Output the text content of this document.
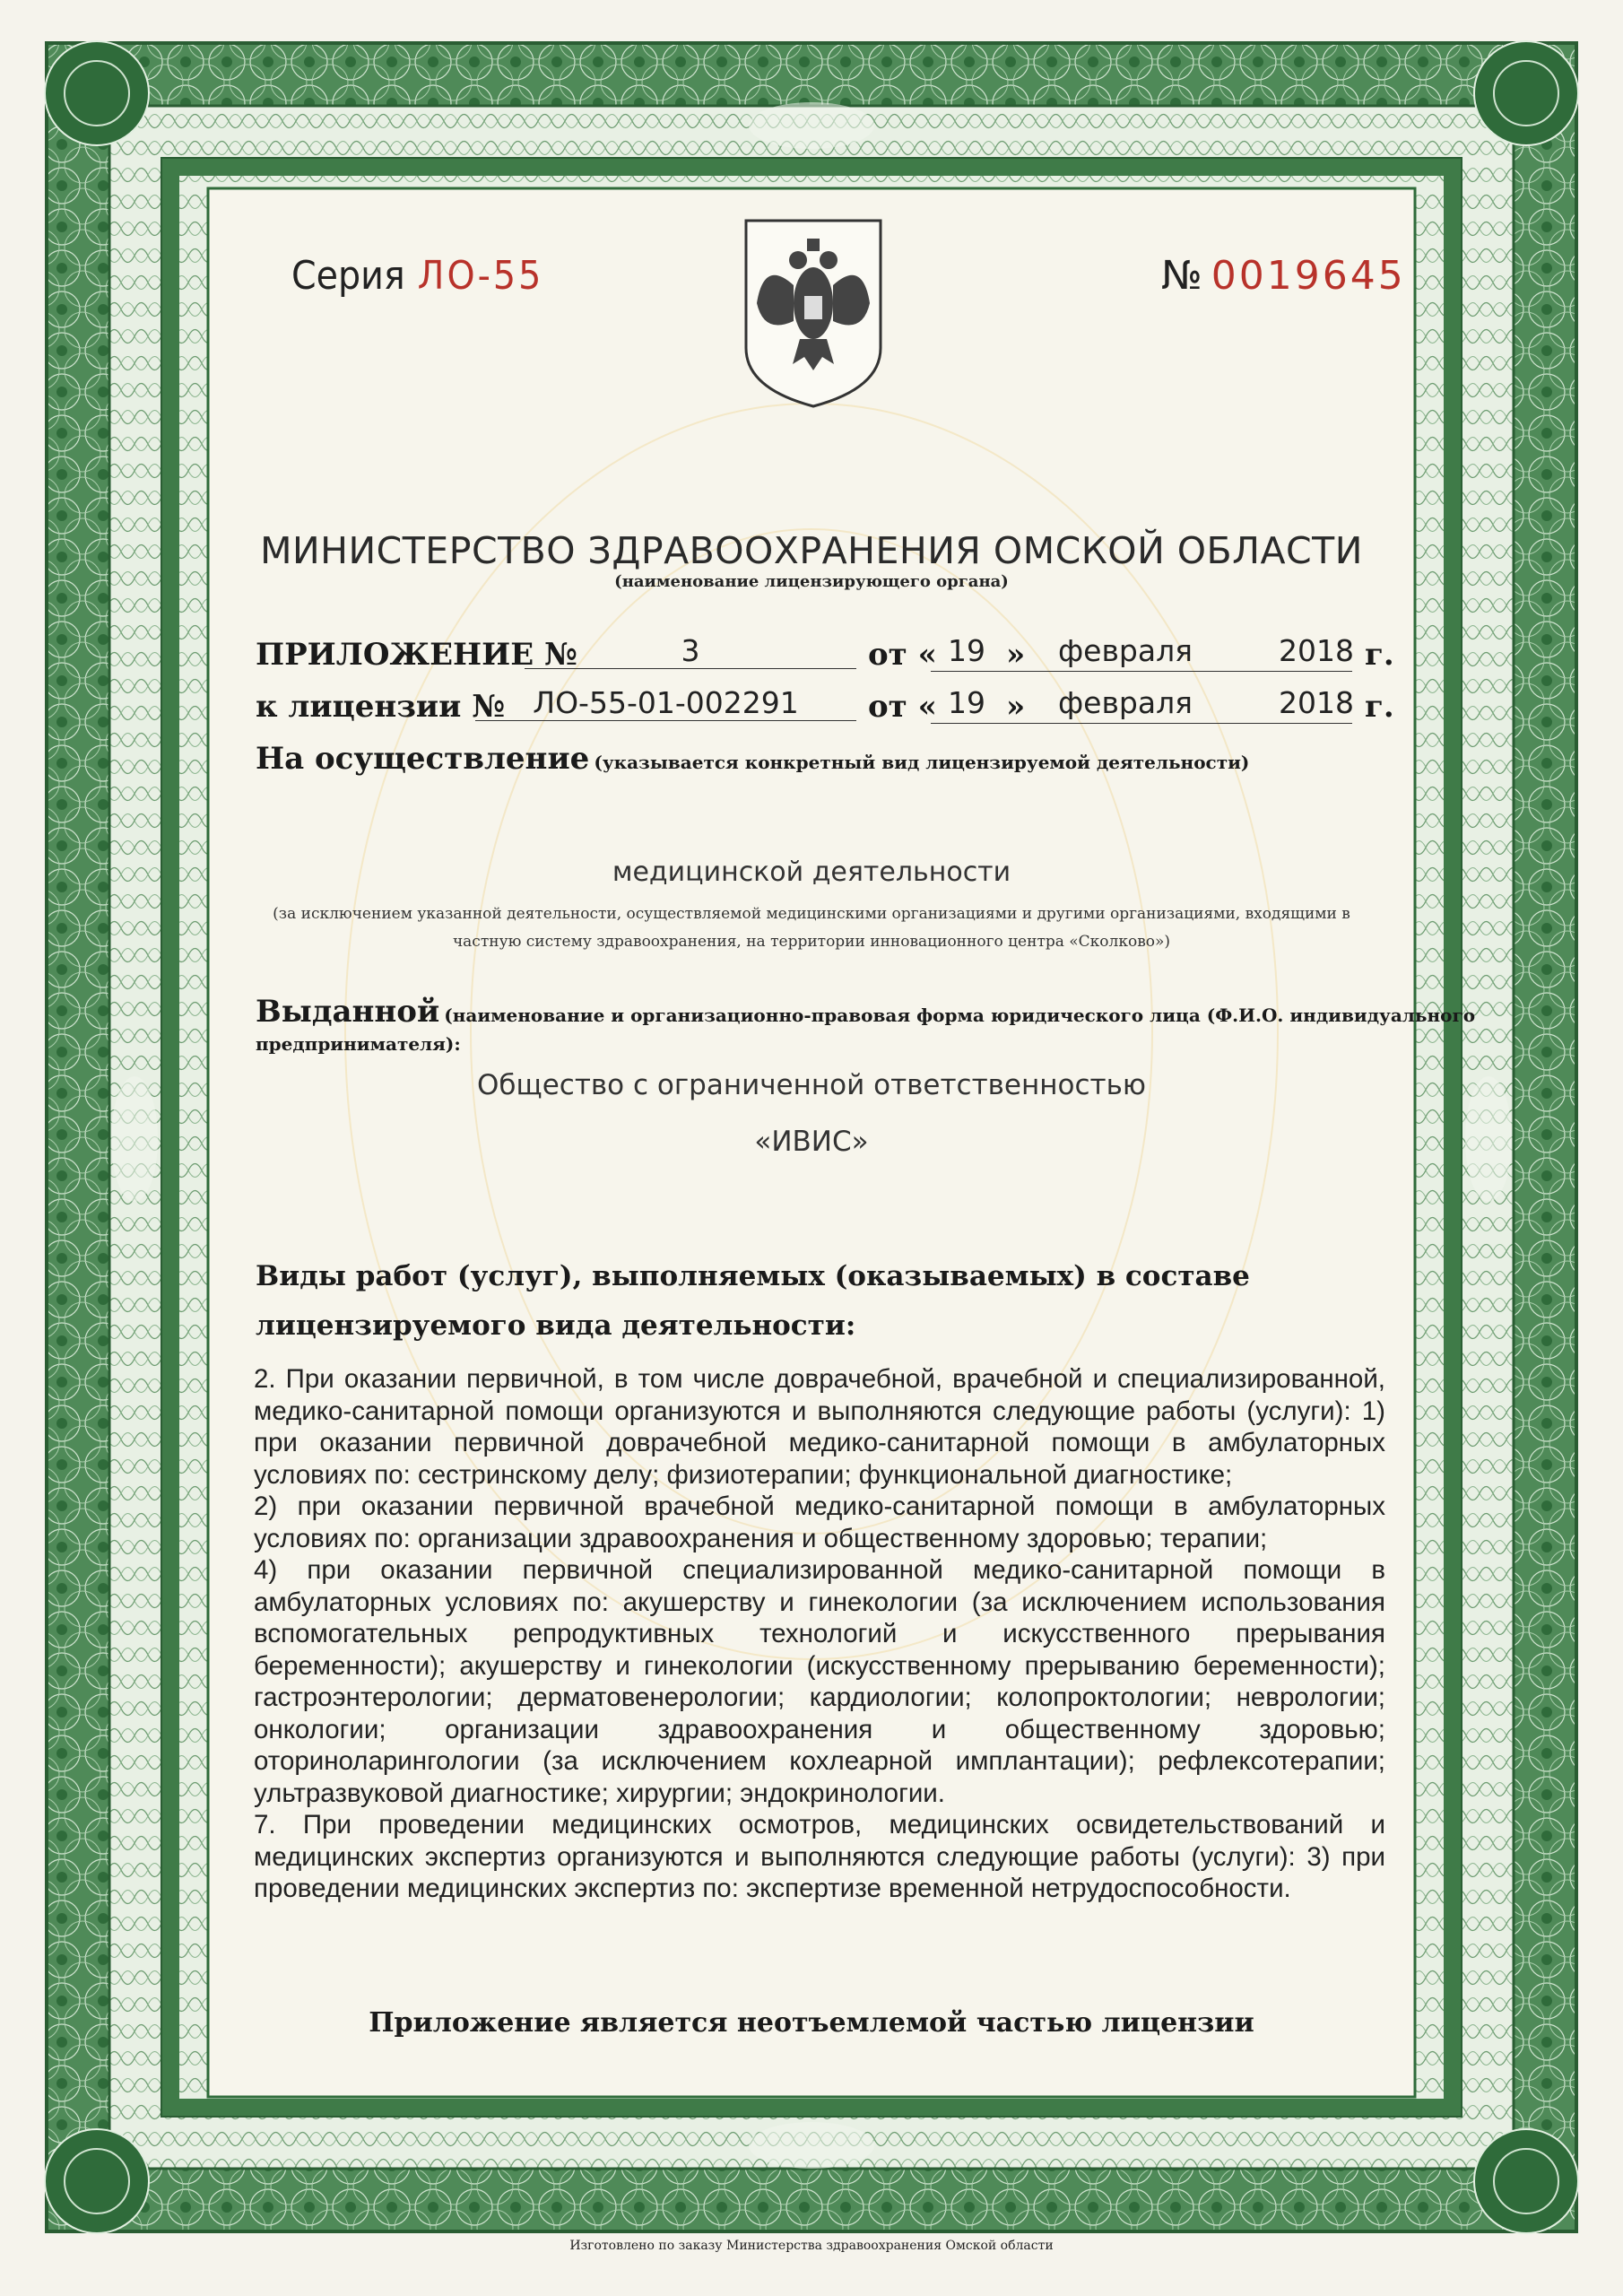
Серия ЛО-55	№ 0019645
МИНИСТЕРСТВО ЗДРАВООХРАНЕНИЯ ОМСКОЙ ОБЛАСТИ
(наименование лицензирующего органа)
ПРИЛОЖЕНИЕ №	3	от « 19 »	февраля	2018 г.
к лицензии № ЛО-55-01-002291	от « 19 »	февраля	2018 г.
На осуществление (указывается конкретный вид лицензируемой деятельности)
медицинской деятельности
(за исключением указанной деятельности, осуществляемой медицинскими организациями и другими организациями, входящими в
частную систему здравоохранения, на территории инновационного центра «Сколково»)
Выданной (наименование и организационно-правовая форма юридического лица (Ф.И.О. индивидуального
предпринимателя):
Общество с ограниченной ответственностью
«ИВИС»
Виды работ (услуг), выполняемых (оказываемых) в составе
лицензируемого вида деятельности:

2. При оказании первичной, в том числе доврачебной, врачебной и специализированной, медико-санитарной помощи организуются и выполняются следующие работы (услуги): 1) при оказании первичной доврачебной медико-санитарной помощи в амбулаторных условиях по: сестринскому делу; физиотерапии; функциональной диагностике;

2) при оказании первичной врачебной медико-санитарной помощи в амбулаторных условиях по: организации здравоохранения и общественному здоровью; терапии;

4) при оказании первичной специализированной медико-санитарной помощи в амбулаторных условиях по: акушерству и гинекологии (за исключением использования вспомогательных репродуктивных технологий и искусственного прерывания беременности); акушерству и гинекологии (искусственному прерыванию беременности); гастроэнтерологии; дерматовенерологии; кардиологии; колопроктологии; неврологии; онкологии; организации здравоохранения и общественному здоровью; оториноларингологии (за исключением кохлеарной имплантации); рефлексотерапии; ультразвуковой диагностике; хирургии; эндокринологии.

7. При проведении медицинских осмотров, медицинских освидетельствований и медицинских экспертиз организуются и выполняются следующие работы (услуги): 3) при проведении медицинских экспертиз по: экспертизе временной нетрудоспособности.

Приложение является неотъемлемой частью лицензии
Изготовлено по заказу Министерства здравоохранения Омской области
